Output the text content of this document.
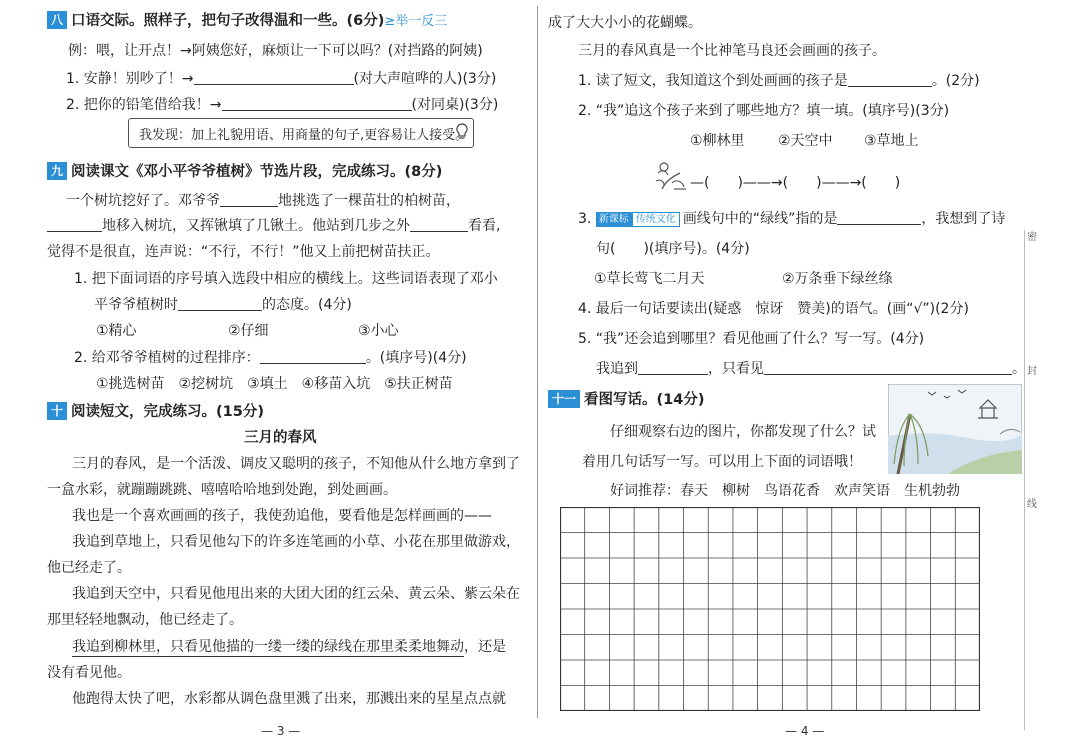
八 口语交际。照样子，把句子改得温和一些。(6分)≥举一反三
例：喂，让开点！→阿姨您好，麻烦让一下可以吗？(对挡路的阿姨)
1. 安静！别吵了！→	(对大声喧哗的人)(3分)
2. 把你的铅笔借给我！→	(对同桌)(3分)
我发现：加上礼貌用语、用商量的句子,更容易让人接受。
九 阅读课文《邓小平爷爷植树》节选片段，完成练习。(8分)
一个树坑挖好了。邓爷爷	地挑选了一棵苗壮的柏树苗，
地移入树坑，又挥锹填了几锹土。他站到几步之外	看看,
觉得不是很直，连声说：“不行，不行！”他又上前把树苗扶正。
1. 把下面词语的序号填入选段中相应的横线上。这些词语表现了邓小
平爷爷植树时	的态度。(4分)
①精心	②仔细	③小心
2. 给邓爷爷植树的过程排序：	。(填序号)(4分)
①挑选树苗　②挖树坑　③填土　④移苗入坑　⑤扶正树苗
十 阅读短文，完成练习。(15分)
三月的春风
三月的春风，是一个活泼、调皮又聪明的孩子，不知他从什么地方拿到了
一盒水彩，就蹦蹦跳跳、嘻嘻哈哈地到处跑，到处画画。
我也是一个喜欢画画的孩子，我使劲追他，要看他是怎样画画的——
我追到草地上，只看见他勾下的许多连笔画的小草、小花在那里做游戏，
他已经走了。
我追到天空中，只看见他甩出来的大团大团的红云朵、黄云朵、紫云朵在
那里轻轻地飘动，他已经走了。
我追到柳林里，只看见他描的一缕一缕的绿线在那里柔柔地舞动，还是
没有看见他。
他跑得太快了吧，水彩都从调色盘里溅了出来，那溅出来的星星点点就
— 3 —
成了大大小小的花蝴蝶。
三月的春风真是一个比神笔马良还会画画的孩子。
1. 读了短文，我知道这个到处画画的孩子是	。(2分)
2. “我”追这个孩子来到了哪些地方？填一填。(填序号)(3分)
①柳林里 ②天空中 ③草地上
—(　　)——→(　　)——→(　　)
3. 新课标 传统文化 画线句中的“绿线”指的是	，我想到了诗
句(　　)(填序号)。(4分)
①草长莺飞二月天	②万条垂下绿丝绦
4. 最后一句话要读出(疑惑　惊讶　赞美)的语气。(画“√”)(2分)
5. “我”还会追到哪里？看见他画了什么？写一写。(4分)
我追到	，只看见	。
十一 看图写话。(14分)
仔细观察右边的图片，你都发现了什么？试
着用几句话写一写。可以用上下面的词语哦！
好词推荐：春天　柳树　鸟语花香　欢声笑语　生机勃勃
密
封
线
— 4 —
